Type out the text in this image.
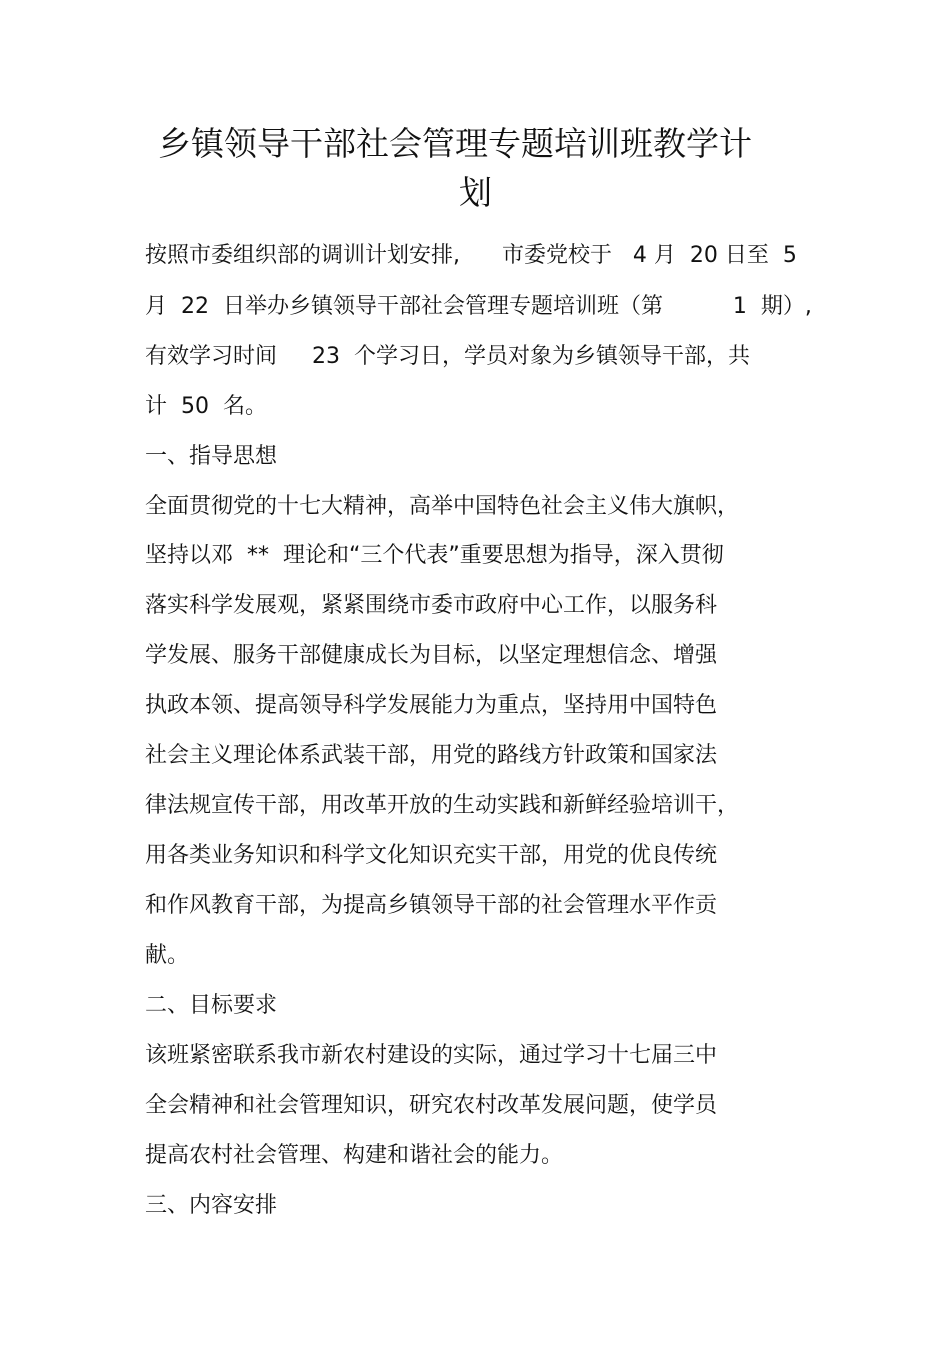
乡镇领导干部社会管理专题培训班教学计
划
按照市委组织部的调训计划安排,      市委党校于   4 月  20 日至  5
月  22  日举办乡镇领导干部社会管理专题培训班（第          1  期）,
有效学习时间     23  个学习日，学员对象为乡镇领导干部，共
计  50  名。
一、指导思想
全面贯彻党的十七大精神，高举中国特色社会主义伟大旗帜，
坚持以邓  **  理论和“三个代表”重要思想为指导，深入贯彻
落实科学发展观，紧紧围绕市委市政府中心工作，以服务科
学发展、服务干部健康成长为目标，以坚定理想信念、增强
执政本领、提高领导科学发展能力为重点，坚持用中国特色
社会主义理论体系武装干部，用党的路线方针政策和国家法
律法规宣传干部，用改革开放的生动实践和新鲜经验培训干，
用各类业务知识和科学文化知识充实干部，用党的优良传统
和作风教育干部，为提高乡镇领导干部的社会管理水平作贡
献。
二、目标要求
该班紧密联系我市新农村建设的实际，通过学习十七届三中
全会精神和社会管理知识，研究农村改革发展问题，使学员
提高农村社会管理、构建和谐社会的能力。
三、内容安排
